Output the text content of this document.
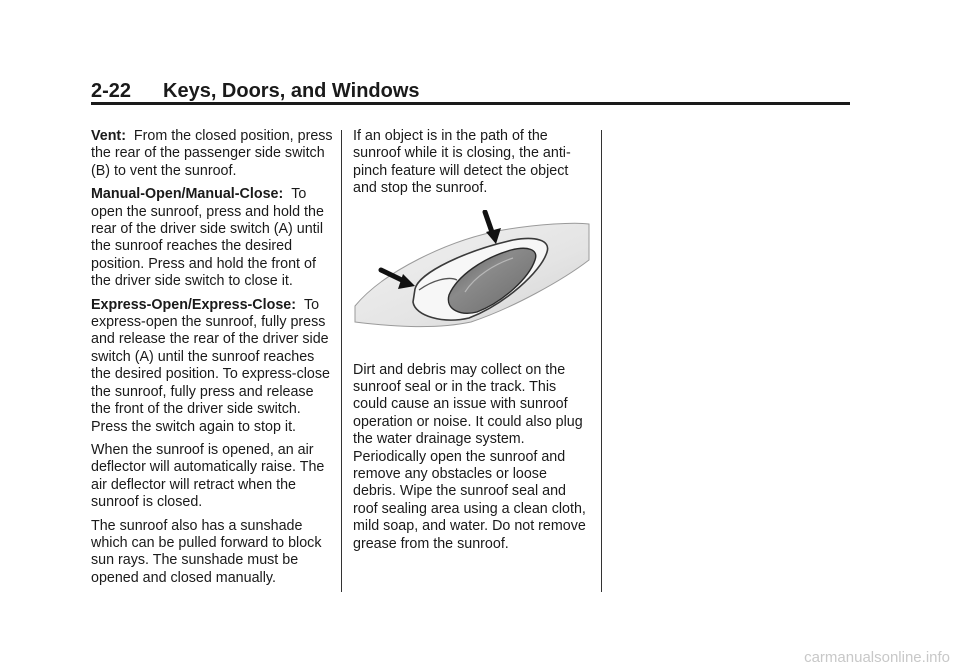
2-22 Keys, Doors, and Windows

Vent: From the closed position, press the rear of the passenger side switch (B) to vent the sunroof.

Manual-Open/Manual-Close: To open the sunroof, press and hold the rear of the driver side switch (A) until the sunroof reaches the desired position. Press and hold the front of the driver side switch to close it.

Express-Open/Express-Close: To express-open the sunroof, fully press and release the rear of the driver side switch (A) until the sunroof reaches the desired position. To express-close the sunroof, fully press and release the front of the driver side switch. Press the switch again to stop it.

When the sunroof is opened, an air deflector will automatically raise. The air deflector will retract when the sunroof is closed.

The sunroof also has a sunshade which can be pulled forward to block sun rays. The sunshade must be opened and closed manually.

If an object is in the path of the sunroof while it is closing, the anti-pinch feature will detect the object and stop the sunroof.

Dirt and debris may collect on the sunroof seal or in the track. This could cause an issue with sunroof operation or noise. It could also plug the water drainage system. Periodically open the sunroof and remove any obstacles or loose debris. Wipe the sunroof seal and roof sealing area using a clean cloth, mild soap, and water. Do not remove grease from the sunroof.

carmanualsonline.info
